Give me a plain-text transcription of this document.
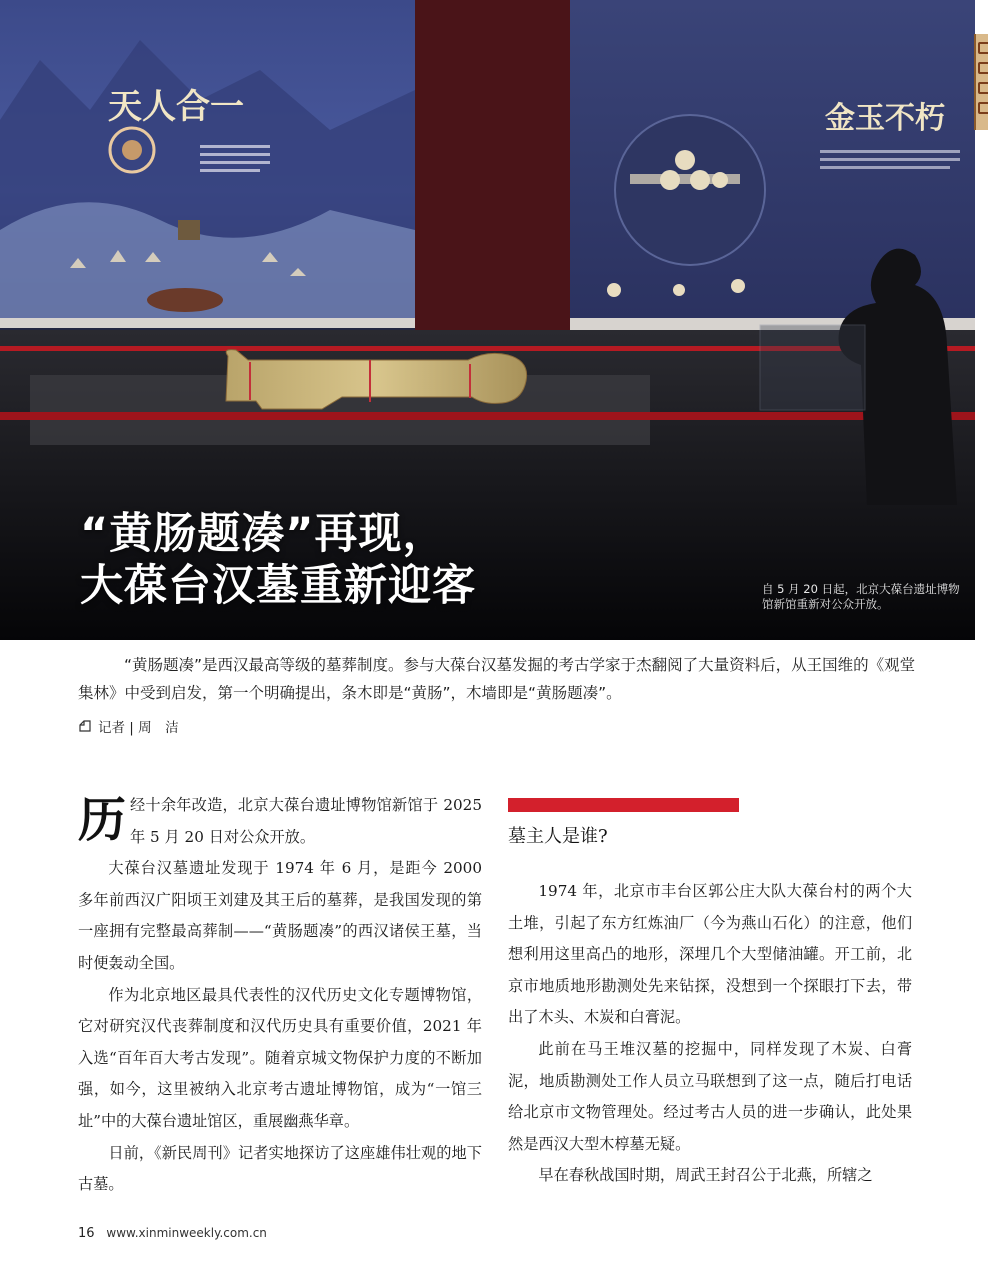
天人合一	金玉不朽
“黄肠题凑”再现，
大葆台汉墓重新迎客	自 5 月 20 日起，北京大葆台遗址博物馆新馆重新对公众开放。
“黄肠题凑”是西汉最高等级的墓葬制度。参与大葆台汉墓发掘的考古学家于杰翻阅了大量资料后，从王国维的《观堂集林》中受到启发，第一个明确提出，条木即是“黄肠”，木墙即是“黄肠题凑”。
记者 | 周　洁

历经十余年改造，北京大葆台遗址博物馆新馆于 2025 年 5 月 20 日对公众开放。

大葆台汉墓遗址发现于 1974 年 6 月，是距今 2000 多年前西汉广阳顷王刘建及其王后的墓葬，是我国发现的第一座拥有完整最高葬制——“黄肠题凑”的西汉诸侯王墓，当时便轰动全国。

作为北京地区最具代表性的汉代历史文化专题博物馆，它对研究汉代丧葬制度和汉代历史具有重要价值，2021 年入选“百年百大考古发现”。随着京城文物保护力度的不断加强，如今，这里被纳入北京考古遗址博物馆，成为“一馆三址”中的大葆台遗址馆区，重展幽燕华章。

日前，《新民周刊》记者实地探访了这座雄伟壮观的地下古墓。

墓主人是谁?

1974 年，北京市丰台区郭公庄大队大葆台村的两个大土堆，引起了东方红炼油厂（今为燕山石化）的注意，他们想利用这里高凸的地形，深埋几个大型储油罐。开工前，北京市地质地形勘测处先来钻探，没想到一个探眼打下去，带出了木头、木炭和白膏泥。

此前在马王堆汉墓的挖掘中，同样发现了木炭、白膏泥，地质勘测处工作人员立马联想到了这一点，随后打电话给北京市文物管理处。经过考古人员的进一步确认，此处果然是西汉大型木椁墓无疑。

早在春秋战国时期，周武王封召公于北燕，所辖之

16 www.xinminweekly.com.cn
